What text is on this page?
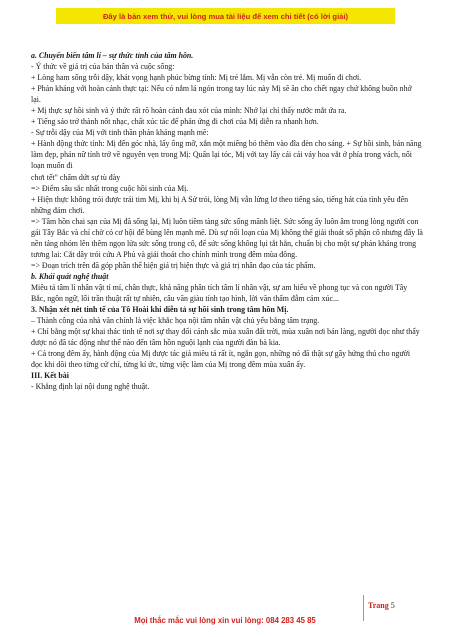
Đây là bản xem thử, vui lòng mua tài liệu để xem chi tiết (có lời giải)

a. Chuyển biến tâm lí – sự thức tỉnh của tâm hồn.

- Ý thức về giá trị của bản thân và cuộc sống:

+ Lòng ham sống trỗi dậy, khát vọng hạnh phúc bừng tỉnh: Mị trẻ lắm. Mị vẫn còn trẻ. Mị muốn đi chơi.

+ Phản kháng với hoàn cảnh thực tại: Nếu có nắm lá ngón trong tay lúc này Mị sẽ ăn cho chết ngay chứ không buồn nhớ lại.

+ Mị thực sự hồi sinh và ý thức rất rõ hoàn cảnh đau xót của mình: Nhớ lại chỉ thấy nước mắt ứa ra.

+ Tiếng sáo trở thành nốt nhạc, chất xúc tác để phản ứng đi chơi của Mị diễn ra nhanh hơn.

- Sự trỗi dậy của Mị với tinh thần phản kháng mạnh mẽ:

+ Hành động thức tỉnh: Mị đến góc nhà, lấy ống mỡ, xắn một miếng bỏ thêm vào đĩa đèn cho sáng. + Sự hồi sinh, bản năng làm đẹp, phản nữ tính trở về nguyên vẹn trong Mị: Quấn lại tóc, Mị với tay lấy cái cái váy hoa vắt ở phía trong vách, nối loạn muốn đi

chơi tết" chấm dứt sự tù đày

=> Điểm sâu sắc nhất trong cuộc hồi sinh của Mị.

+ Hiện thực không trói được trái tim Mị, khi bị A Sử trói, lòng Mị vẫn lửng lơ theo tiếng sáo, tiếng hát của tình yêu đến những đám chơi.

=> Tâm hồn chai sạn của Mị đã sống lại, Mị luôn tiềm tàng sức sống mãnh liệt. Sức sống ấy luôn âm trong lòng người con gái Tây Bắc và chỉ chờ có cơ hội để bùng lên mạnh mẽ. Dù sự nổi loạn của Mị không thể giải thoát số phận cô nhưng đây là nền tảng nhóm lên thêm ngọn lửa sức sống trong cô, để sức sống không lụi tắt hẳn, chuẩn bị cho một sự phản kháng trong tương lai: Cắt dây trói cứu A Phủ và giải thoát cho chính mình trong đêm mùa đông.

=> Đoạn trích trên đã góp phần thể hiện giá trị hiện thực và giá trị nhân đạo của tác phẩm.

b. Khái quát nghệ thuật

Miêu tả tâm lí nhân vật tỉ mỉ, chân thực, khả năng phân tích tâm lí nhân vật, sự am hiểu về phong tục và con người Tây Bắc, ngôn ngữ, lối trần thuật rất tự nhiên, câu văn giàu tính tạo hình, lời văn thấm đẫm cảm xúc...

3. Nhận xét nét tinh tế của Tô Hoài khi diễn tả sự hồi sinh trong tâm hồn Mị.

– Thành công của nhà văn chính là việc khắc họa nội tâm nhân vật chủ yếu bằng tâm trạng.

+ Chỉ bằng một sự khai thác tinh tế nơi sự thay đổi cảnh sắc mùa xuân đất trời, mùa xuân nơi bản làng, người đọc như thấy được nó đã tác động như thế nào đến tâm hồn nguội lạnh của người đàn bà kia.

+ Cả trong đêm ấy, hành động của Mị được tác giả miêu tả rất ít, ngắn gọn, những nó đã thật sự gây hứng thú cho người đọc khi dõi theo từng cử chỉ, từng kí ức, từng việc làm của Mị trong đêm mùa xuân ấy.

III. Kết bài

- Khẳng định lại nội dung nghệ thuật.

Trang 5
Mọi thắc mắc vui lòng xin vui lòng: 084 283 45 85
